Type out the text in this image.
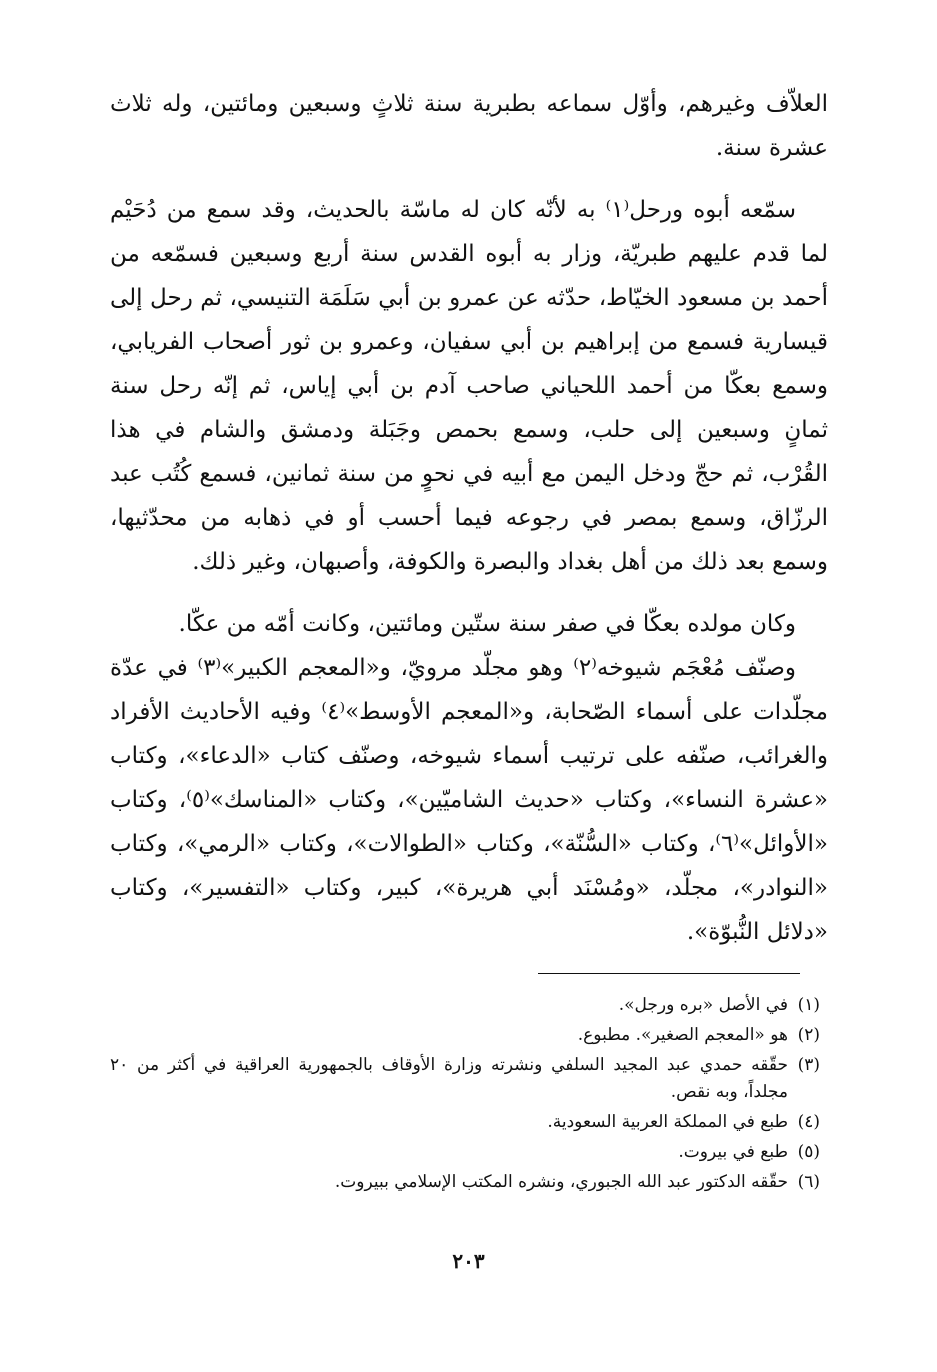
العلاّف وغيرهم، وأوّل سماعه بطبرية سنة ثلاثٍ وسبعين ومائتين، وله ثلاث عشرة سنة.

سمّعه أبوه ورحل⁽١⁾ به لأنّه كان له ماسّة بالحديث، وقد سمع من دُحَيْم لما قدم عليهم طبريّة، وزار به أبوه القدس سنة أربع وسبعين فسمّعه من أحمد بن مسعود الخيّاط، حدّثه عن عمرو بن أبي سَلَمَة التنيسي، ثم رحل إلى قيسارية فسمع من إبراهيم بن أبي سفيان، وعمرو بن ثور أصحاب الفريابي، وسمع بعكّا من أحمد اللحياني صاحب آدم بن أبي إياس، ثم إنّه رحل سنة ثمانٍ وسبعين إلى حلب، وسمع بحمص وجَبَلة ودمشق والشام في هذا القُرْب، ثم حجّ ودخل اليمن مع أبيه في نحوٍ من سنة ثمانين، فسمع كُتُب عبد الرزّاق، وسمع بمصر في رجوعه فيما أحسب أو في ذهابه من محدّثيها، وسمع بعد ذلك من أهل بغداد والبصرة والكوفة، وأصبهان، وغير ذلك.

وكان مولده بعكّا في صفر سنة ستّين ومائتين، وكانت أمّه من عكّا.

وصنّف مُعْجَم شيوخه⁽٢⁾ وهو مجلّد مرويّ، و«المعجم الكبير»⁽٣⁾ في عدّة مجلّدات على أسماء الصّحابة، و«المعجم الأوسط»⁽٤⁾ وفيه الأحاديث الأفراد والغرائب، صنّفه على ترتيب أسماء شيوخه، وصنّف كتاب «الدعاء»، وكتاب «عشرة النساء»، وكتاب «حديث الشاميّين»، وكتاب «المناسك»⁽٥⁾، وكتاب «الأوائل»⁽٦⁾، وكتاب «السُّنّة»، وكتاب «الطوالات»، وكتاب «الرمي»، وكتاب «النوادر»، مجلّد، «ومُسْنَد أبي هريرة»، كبير، وكتاب «التفسير»، وكتاب «دلائل النُّبوّة».

(١)
في الأصل «بره ورجل».
(٢)
هو «المعجم الصغير». مطبوع.
(٣)
حقّقه حمدي عبد المجيد السلفي ونشرته وزارة الأوقاف بالجمهورية العراقية في أكثر من ٢٠ مجلداً، وبه نقص.
(٤)
طبع في المملكة العربية السعودية.
(٥)
طبع في بيروت.
(٦)
حقّقه الدكتور عبد الله الجبوري، ونشره المكتب الإسلامي ببيروت.
٢٠٣
